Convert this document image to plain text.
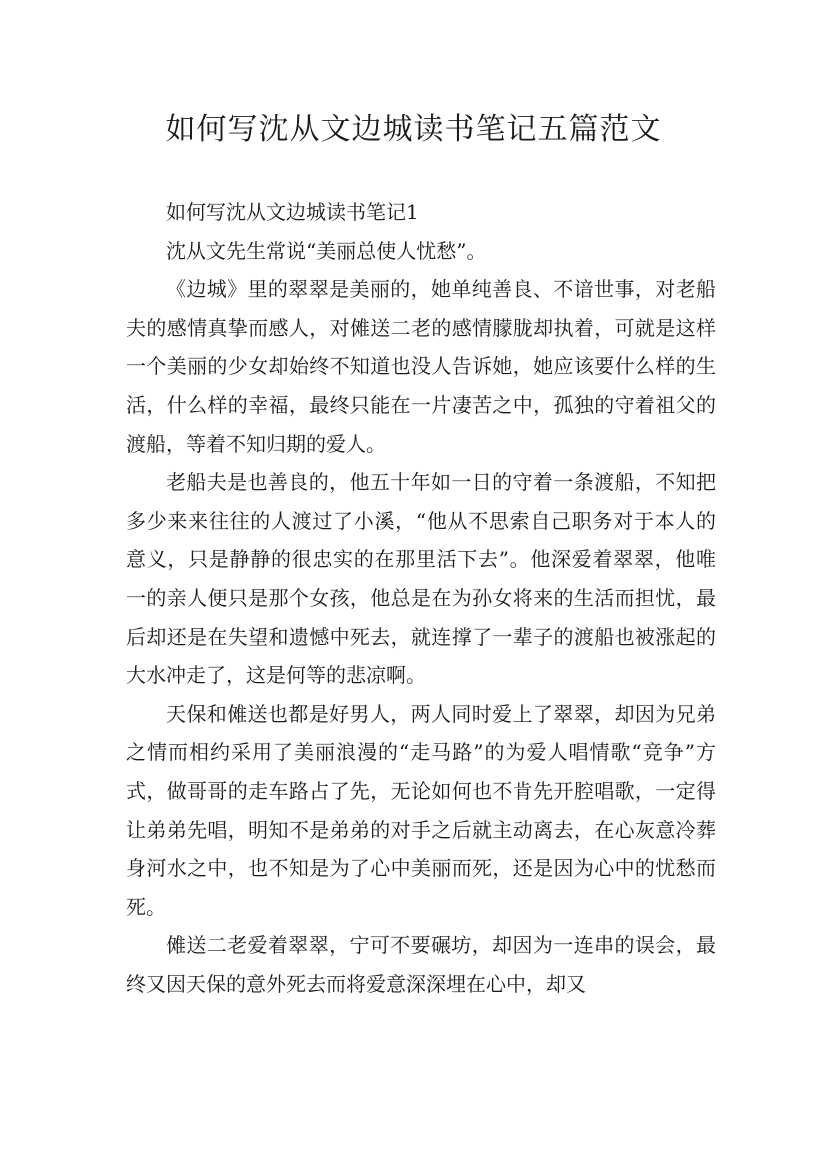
如何写沈从文边城读书笔记五篇范文

如何写沈从文边城读书笔记1

沈从文先生常说“美丽总使人忧愁”。

《边城》里的翠翠是美丽的，她单纯善良、不谙世事，对老船夫的感情真挚而感人，对傩送二老的感情朦胧却执着，可就是这样一个美丽的少女却始终不知道也没人告诉她，她应该要什么样的生活，什么样的幸福，最终只能在一片凄苦之中，孤独的守着祖父的渡船，等着不知归期的爱人。

老船夫是也善良的，他五十年如一日的守着一条渡船，不知把多少来来往往的人渡过了小溪，“他从不思索自己职务对于本人的意义，只是静静的很忠实的在那里活下去”。他深爱着翠翠，他唯一的亲人便只是那个女孩，他总是在为孙女将来的生活而担忧，最后却还是在失望和遗憾中死去，就连撑了一辈子的渡船也被涨起的大水冲走了，这是何等的悲凉啊。

天保和傩送也都是好男人，两人同时爱上了翠翠，却因为兄弟之情而相约采用了美丽浪漫的“走马路”的为爱人唱情歌“竞争”方式，做哥哥的走车路占了先，无论如何也不肯先开腔唱歌，一定得让弟弟先唱，明知不是弟弟的对手之后就主动离去，在心灰意冷葬身河水之中，也不知是为了心中美丽而死，还是因为心中的忧愁而死。

傩送二老爱着翠翠，宁可不要碾坊，却因为一连串的误会，最终又因天保的意外死去而将爱意深深埋在心中，却又
